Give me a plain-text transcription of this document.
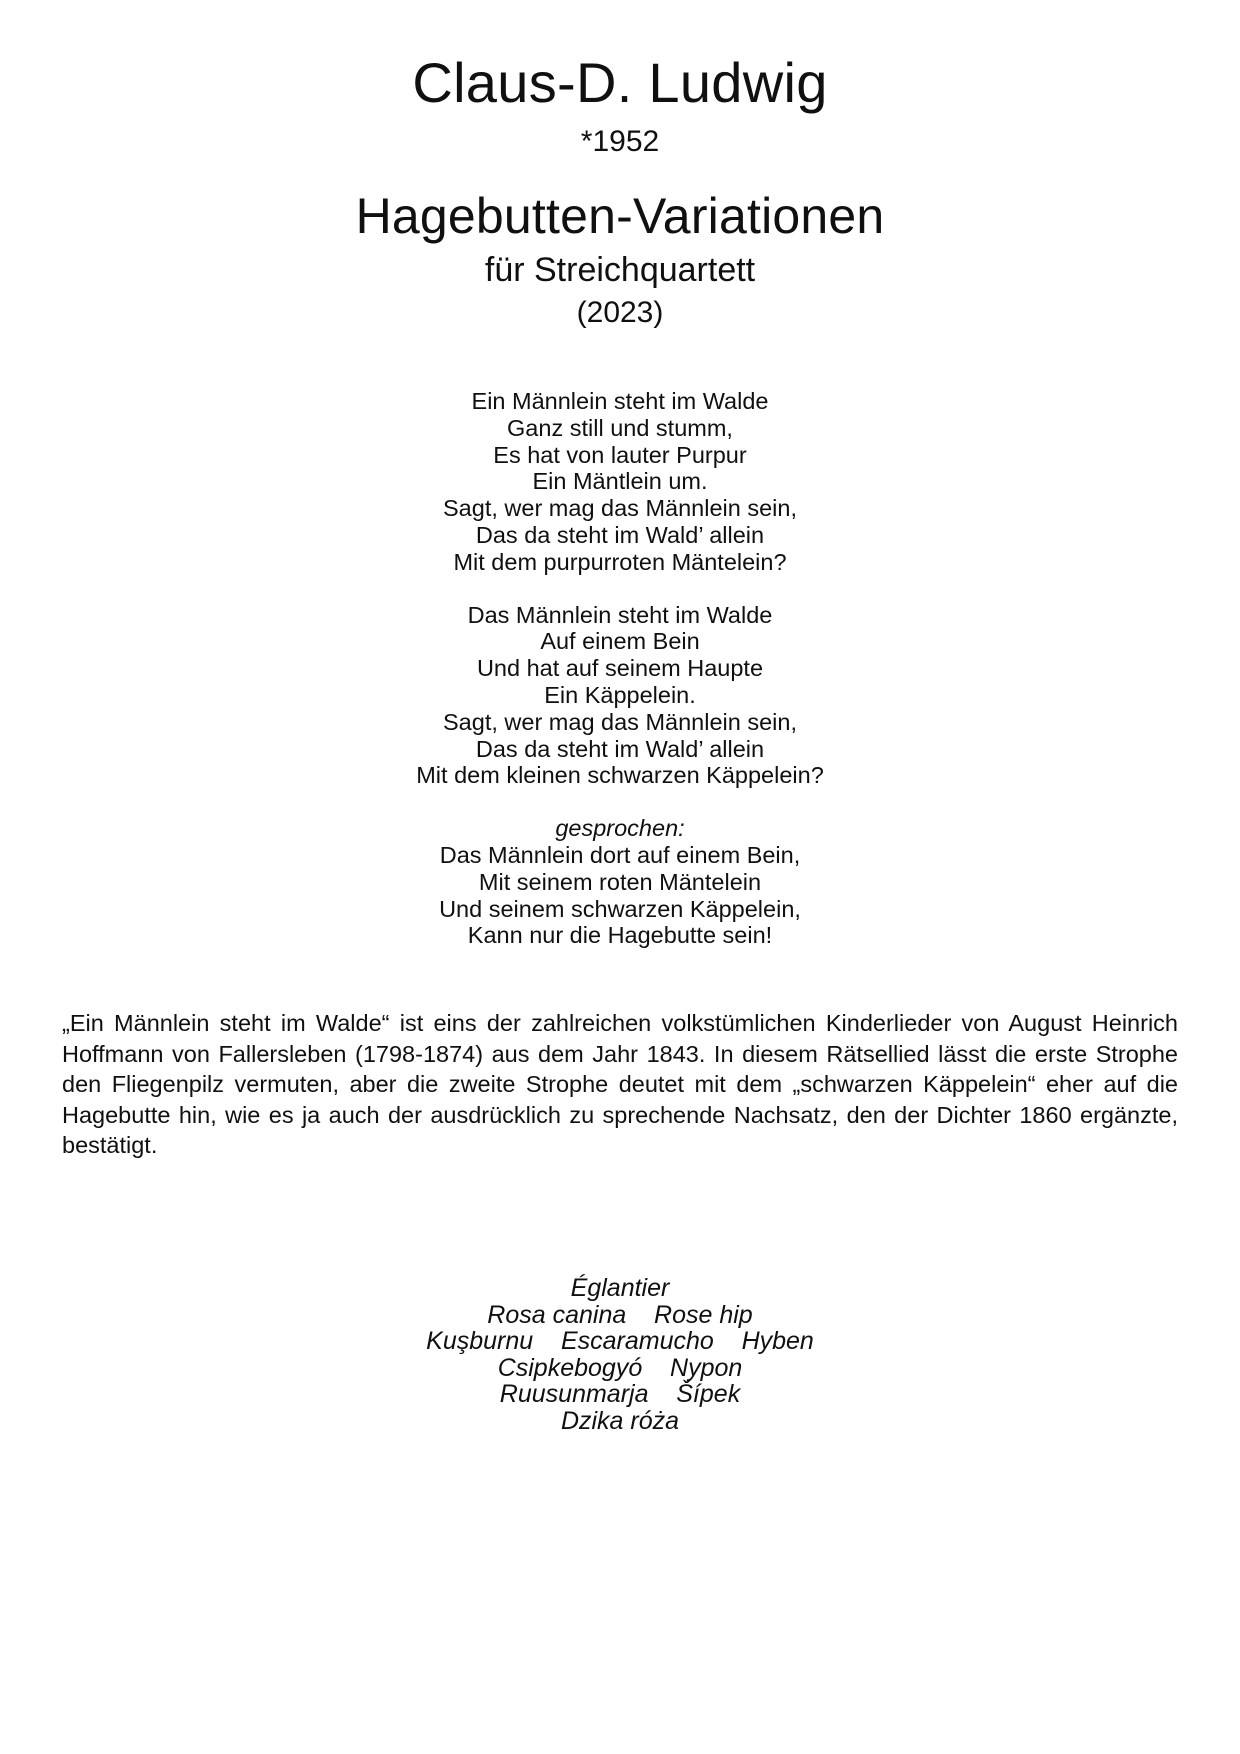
Claus-D. Ludwig
*1952
Hagebutten-Variationen
für Streichquartett
(2023)
Ein Männlein steht im Walde
Ganz still und stumm,
Es hat von lauter Purpur
Ein Mäntlein um.
Sagt, wer mag das Männlein sein,
Das da steht im Wald’ allein
Mit dem purpurroten Mäntelein?
Das Männlein steht im Walde
Auf einem Bein
Und hat auf seinem Haupte
Ein Käppelein.
Sagt, wer mag das Männlein sein,
Das da steht im Wald’ allein
Mit dem kleinen schwarzen Käppelein?
gesprochen:
Das Männlein dort auf einem Bein,
Mit seinem roten Mäntelein
Und seinem schwarzen Käppelein,
Kann nur die Hagebutte sein!

„Ein Männlein steht im Walde“ ist eins der zahlreichen volkstümlichen Kinderlieder von August Heinrich Hoffmann von Fallersleben (1798-1874) aus dem Jahr 1843. In diesem Rätsellied lässt die erste Strophe den Fliegenpilz vermuten, aber die zweite Strophe deutet mit dem „schwarzen Käppelein“ eher auf die Hagebutte hin, wie es ja auch der ausdrücklich zu sprechende Nachsatz, den der Dichter 1860 ergänzte, bestätigt.

Églantier
Rosa canina    Rose hip
Kuşburnu    Escaramucho    Hyben
Csipkebogyó    Nypon
Ruusunmarja    Šípek
Dzika róża
